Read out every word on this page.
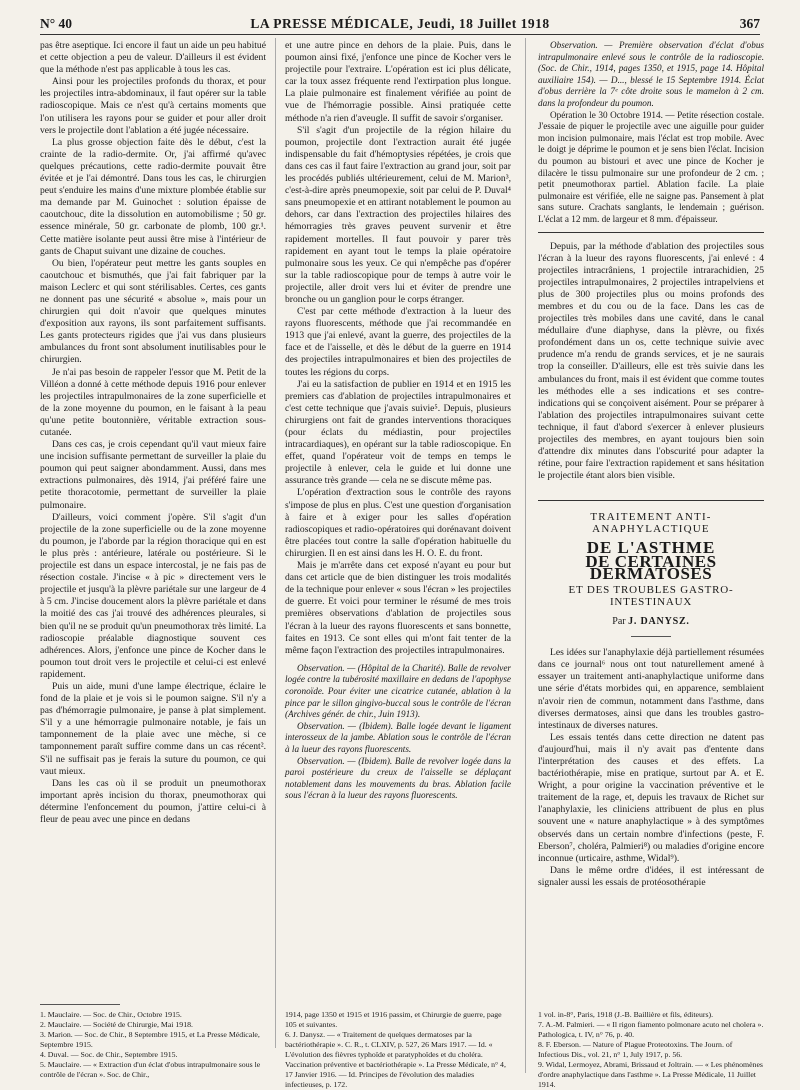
N° 40	LA PRESSE MÉDICALE, Jeudi, 18 Juillet 1918	367

pas être aseptique. Ici encore il faut un aide un peu habitué et cette objection a peu de valeur. D'ailleurs il est évident que la méthode n'est pas applicable à tous les cas.

Ainsi pour les projectiles profonds du thorax, et pour les projectiles intra-abdominaux, il faut opérer sur la table radioscopique. Mais ce n'est qu'à certains moments que l'on utilisera les rayons pour se guider et pour aller droit vers le projectile dont l'ablation a été jugée nécessaire.

La plus grosse objection faite dès le début, c'est la crainte de la radio-dermite. Or, j'ai affirmé qu'avec quelques précautions, cette radio-dermite pouvait être évitée et je l'ai démontré. Dans tous les cas, le chirurgien peut s'enduire les mains d'une mixture plombée établie sur ma demande par M. Guinochet : solution épaisse de caoutchouc, dite la dissolution en automobilisme ; 50 gr. essence minérale, 50 gr. carbonate de plomb, 100 gr.¹. Cette matière isolante peut aussi être mise à l'intérieur de gants de Chaput suivant une dizaine de couches.

Ou bien, l'opérateur peut mettre les gants souples en caoutchouc et bismuthés, que j'ai fait fabriquer par la maison Leclerc et qui sont stérilisables. Certes, ces gants ne donnent pas une sécurité « absolue », mais pour un chirurgien qui doit n'avoir que quelques minutes d'exposition aux rayons, ils sont parfaitement suffisants. Les gants protecteurs rigides que j'ai vus dans plusieurs ambulances du front sont absolument inutilisables pour le chirurgien.

Je n'ai pas besoin de rappeler l'essor que M. Petit de la Villéon a donné à cette méthode depuis 1916 pour enlever les projectiles intrapulmonaires de la zone superficielle et de la zone moyenne du poumon, en le faisant à la peau qu'une petite boutonnière, véritable extraction sous-cutanée.

Dans ces cas, je crois cependant qu'il vaut mieux faire une incision suffisante permettant de surveiller la plaie du poumon qui peut saigner abondamment. Aussi, dans mes extractions pulmonaires, dès 1914, j'ai préféré faire une petite thoracotomie, permettant de surveiller la plaie pulmonaire.

D'ailleurs, voici comment j'opère. S'il s'agit d'un projectile de la zone superficielle ou de la zone moyenne du poumon, je l'aborde par la région thoracique qui en est le plus près : antérieure, latérale ou postérieure. Si le projectile est dans un espace intercostal, je ne fais pas de résection costale. J'incise « à pic » directement vers le projectile et jusqu'à la plèvre pariétale sur une largeur de 4 à 5 cm. J'incise doucement alors la plèvre pariétale et dans la moitié des cas j'ai trouvé des adhérences pleurales, si bien qu'il ne se produit qu'un pneumothorax très limité. La radioscopie préalable diagnostique souvent ces adhérences. Alors, j'enfonce une pince de Kocher dans le poumon tout droit vers le projectile et celui-ci est enlevé rapidement.

Puis un aide, muni d'une lampe électrique, éclaire le fond de la plaie et je vois si le poumon saigne. S'il n'y a pas d'hémorragie pulmonaire, je panse à plat simplement. S'il y a une hémorragie pulmonaire notable, je fais un tamponnement de la plaie avec une mèche, si ce tamponnement paraît suffire comme dans un cas récent². S'il ne suffisait pas je ferais la suture du poumon, ce qui vaut mieux.

Dans les cas où il se produit un pneumothorax important après incision du thorax, pneumothorax qui détermine l'enfoncement du poumon, j'attire celui-ci à fleur de peau avec une pince en dedans

1. Mauclaire. — Soc. de Chir., Octobre 1915.
2. Mauclaire. — Société de Chirurgie, Mai 1918.
3. Marion. — Soc. de Chir., 8 Septembre 1915, et La Presse Médicale, Septembre 1915.
4. Duval. — Soc. de Chir., Septembre 1915.
5. Mauclaire. — « Extraction d'un éclat d'obus intrapulmonaire sous le contrôle de l'écran ». Soc. de Chir.,

et une autre pince en dehors de la plaie. Puis, dans le poumon ainsi fixé, j'enfonce une pince de Kocher vers le projectile pour l'extraire. L'opération est ici plus délicate, car la toux assez fréquente rend l'extirpation plus longue. La plaie pulmonaire est finalement vérifiée au point de vue de l'hémorragie possible. Ainsi pratiquée cette méthode n'a rien d'aveugle. Il suffit de savoir s'organiser.

S'il s'agit d'un projectile de la région hilaire du poumon, projectile dont l'extraction aurait été jugée indispensable du fait d'hémoptysies répétées, je crois que dans ces cas il faut faire l'extraction au grand jour, soit par les procédés publiés ultérieurement, celui de M. Marion³, c'est-à-dire après pneumopexie, soit par celui de P. Duval⁴ sans pneumopexie et en attirant notablement le poumon au dehors, car dans l'extraction des projectiles hilaires des hémorragies très graves peuvent survenir et être rapidement mortelles. Il faut pouvoir y parer très rapidement en ayant tout le temps la plaie opératoire pulmonaire sous les yeux. Ce qui n'empêche pas d'opérer sur la table radioscopique pour de temps à autre voir le projectile, aller droit vers lui et éviter de prendre une bronche ou un ganglion pour le corps étranger.

C'est par cette méthode d'extraction à la lueur des rayons fluorescents, méthode que j'ai recommandée en 1913 que j'ai enlevé, avant la guerre, des projectiles de la face et de l'aisselle, et dès le début de la guerre en 1914 des projectiles intrapulmonaires et bien des projectiles de toutes les régions du corps.

J'ai eu la satisfaction de publier en 1914 et en 1915 les premiers cas d'ablation de projectiles intrapulmonaires et c'est cette technique que j'avais suivie⁵. Depuis, plusieurs chirurgiens ont fait de grandes interventions thoraciques (pour éclats du médiastin, pour projectiles intracardiaques), en opérant sur la table radioscopique. En effet, quand l'opérateur voit de temps en temps le projectile à enlever, cela le guide et lui donne une assurance très grande — cela ne se discute même pas.

L'opération d'extraction sous le contrôle des rayons s'impose de plus en plus. C'est une question d'organisation à faire et à exiger pour les salles d'opération radioscopiques et radio-opératoires qui dorénavant doivent être placées tout contre la salle d'opération habituelle du chirurgien. Il en est ainsi dans les H. O. E. du front.

Mais je m'arrête dans cet exposé n'ayant eu pour but dans cet article que de bien distinguer les trois modalités de la technique pour enlever « sous l'écran » les projectiles de guerre. Et voici pour terminer le résumé de mes trois premières observations d'ablation de projectiles sous l'écran à la lueur des rayons fluorescents et sans bonnette, faites en 1913. Ce sont elles qui m'ont fait tenter de la même façon l'extraction des projectiles intrapulmonaires.

Observation. — (Hôpital de la Charité). Balle de revolver logée contre la tubérosité maxillaire en dedans de l'apophyse coronoïde. Pour éviter une cicatrice cutanée, ablation à la pince par le sillon gingivo-buccal sous le contrôle de l'écran (Archives génér. de chir., Juin 1913).

Observation. — (Ibidem). Balle logée devant le ligament interosseux de la jambe. Ablation sous le contrôle de l'écran à la lueur des rayons fluorescents.

Observation. — (Ibidem). Balle de revolver logée dans la paroi postérieure du creux de l'aisselle se déplaçant notablement dans les mouvements du bras. Ablation facile sous l'écran à la lueur des rayons fluorescents.

1914, page 1350 et 1915 et 1916 passim, et Chirurgie de guerre, page 105 et suivantes.
6. J. Danysz. — « Traitement de quelques dermatoses par la bactériothérapie ». C. R., t. CLXIV, p. 527, 26 Mars 1917. — Id. « L'évolution des fièvres typhoïde et paratyphoïdes et du choléra. Vaccination préventive et bactériothérapie ». La Presse Médicale, n° 4, 17 Janvier 1916. — Id. Principes de l'évolution des maladies infectieuses, p. 172.

Observation. — Première observation d'éclat d'obus intrapulmonaire enlevé sous le contrôle de la radioscopie. (Soc. de Chir., 1914, pages 1350, et 1915, page 14. Hôpital auxiliaire 154). — D..., blessé le 15 Septembre 1914. Éclat d'obus derrière la 7ᵉ côte droite sous le mamelon à 2 cm. dans la profondeur du poumon.

Opération le 30 Octobre 1914. — Petite résection costale. J'essaie de piquer le projectile avec une aiguille pour guider mon incision pulmonaire, mais l'éclat est trop mobile. Avec le doigt je déprime le poumon et je sens bien l'éclat. Incision du poumon au bistouri et avec une pince de Kocher je dilacère le tissu pulmonaire sur une profondeur de 2 cm. ; petit pneumothorax partiel. Ablation facile. La plaie pulmonaire est vérifiée, elle ne saigne pas. Pansement à plat sans suture. Crachats sanglants, le lendemain ; guérison. L'éclat a 12 mm. de largeur et 8 mm. d'épaisseur.

Depuis, par la méthode d'ablation des projectiles sous l'écran à la lueur des rayons fluorescents, j'ai enlevé : 4 projectiles intracrâniens, 1 projectile intrarachidien, 25 projectiles intrapulmonaires, 2 projectiles intrapelviens et plus de 300 projectiles plus ou moins profonds des membres et du cou ou de la face. Dans les cas de projectiles très mobiles dans une cavité, dans le canal médullaire d'une diaphyse, dans la plèvre, ou fixés profondément dans un os, cette technique suivie avec prudence m'a rendu de grands services, et je ne saurais trop la conseiller. D'ailleurs, elle est très suivie dans les ambulances du front, mais il est évident que comme toutes les méthodes elle a ses indications et ses contre-indications qui se conçoivent aisément. Pour se préparer à l'ablation des projectiles intrapulmonaires suivant cette technique, il faut d'abord s'exercer à enlever plusieurs projectiles des membres, en ayant toujours bien soin d'attendre dix minutes dans l'obscurité pour adapter la rétine, pour faire l'extraction rapidement et sans hésitation le projectile étant alors bien visible.

TRAITEMENT ANTI-ANAPHYLACTIQUE
DE L'ASTHME
DE CERTAINES DERMATOSES
ET DES TROUBLES GASTRO-INTESTINAUX
Par J. DANYSZ.

Les idées sur l'anaphylaxie déjà partiellement résumées dans ce journal⁶ nous ont tout naturellement amené à essayer un traitement anti-anaphylactique uniforme dans une série d'états morbides qui, en apparence, semblaient n'avoir rien de commun, notamment dans l'asthme, dans diverses dermatoses, ainsi que dans les troubles gastro-intestinaux de diverses natures.

Les essais tentés dans cette direction ne datent pas d'aujourd'hui, mais il n'y avait pas d'entente dans l'interprétation des causes et des effets. La bactériothérapie, mise en pratique, surtout par A. et E. Wright, a pour origine la vaccination préventive et le traitement de la rage, et, depuis les travaux de Richet sur l'anaphylaxie, les cliniciens attribuent de plus en plus souvent une « nature anaphylactique » à des symptômes observés dans un certain nombre d'infections (peste, F. Eberson⁷, choléra, Palmieri⁸) ou maladies d'origine encore inconnue (urticaire, asthme, Widal⁹).

Dans le même ordre d'idées, il est intéressant de signaler aussi les essais de protéosothérapie

1 vol. in-8°, Paris, 1918 (J.-B. Baillière et fils, éditeurs).
7. A.-M. Palmieri. — « Il rigon fiamento polmonare acuto nel cholera ». Pathologica, t. IV, n° 76, p. 40.
8. F. Eberson. — Nature of Plague Proteotoxins. The Journ. of Infectious Dis., vol. 21, n° 1, July 1917, p. 56.
9. Widal, Lermoyez, Abrami, Brissaud et Joltrain. — « Les phénomènes d'ordre anaphylactique dans l'asthme ». La Presse Médicale, 11 Juillet 1914.
